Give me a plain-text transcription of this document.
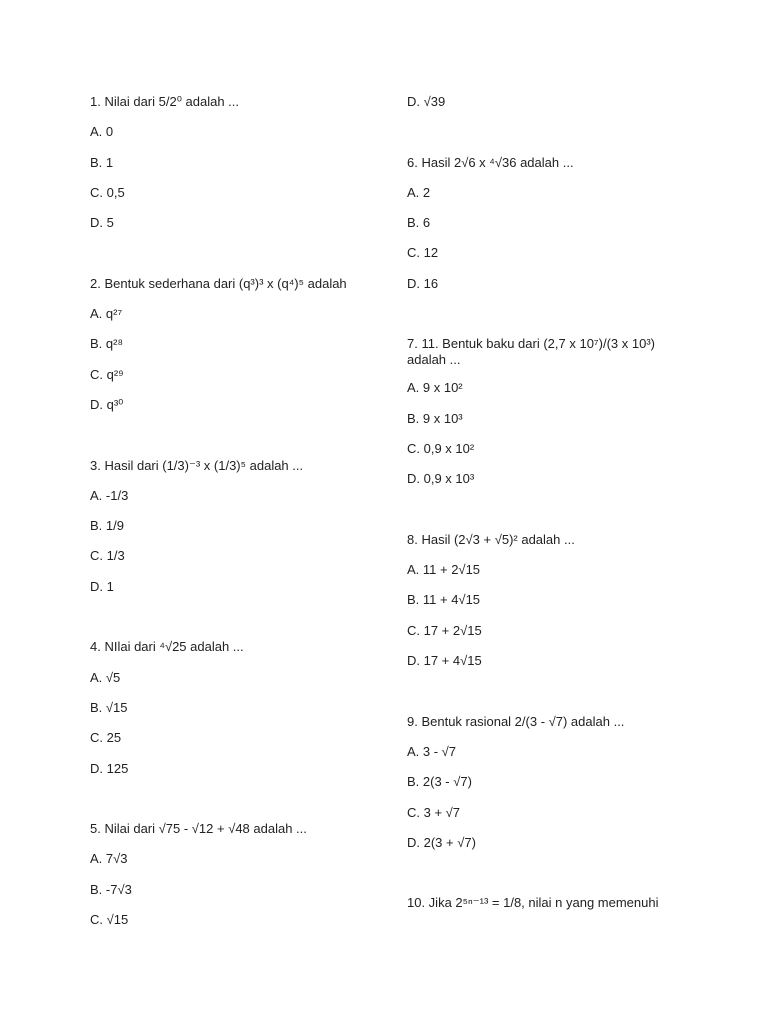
1. Nilai dari 5/2⁰ adalah ...
A. 0
B. 1
C. 0,5
D. 5
2. Bentuk sederhana dari (q³)³ x (q⁴)⁵ adalah
A. q²⁷
B. q²⁸
C. q²⁹
D. q³⁰
3. Hasil dari (1/3)⁻³ x (1/3)⁵ adalah ...
A. -1/3
B. 1/9
C. 1/3
D. 1
4. NIlai dari ⁴√25 adalah ...
A. √5
B. √15
C. 25
D. 125
5. Nilai dari √75 - √12 + √48 adalah ...
A. 7√3
B. -7√3
C. √15
D. √39
6. Hasil 2√6 x ⁴√36 adalah ...
A. 2
B. 6
C. 12
D. 16
7. 11. Bentuk baku dari (2,7 x 10⁷)/(3 x 10³) adalah ...
A. 9 x 10²
B. 9 x 10³
C. 0,9 x 10²
D. 0,9 x 10³
8. Hasil (2√3 + √5)² adalah ...
A. 11 + 2√15
B. 11 + 4√15
C. 17 + 2√15
D. 17 + 4√15
9. Bentuk rasional 2/(3 - √7) adalah ...
A. 3 - √7
B. 2(3 - √7)
C. 3 + √7
D. 2(3 + √7)
10. Jika 2⁵ⁿ⁻¹³ = 1/8, nilai n yang memenuhi
